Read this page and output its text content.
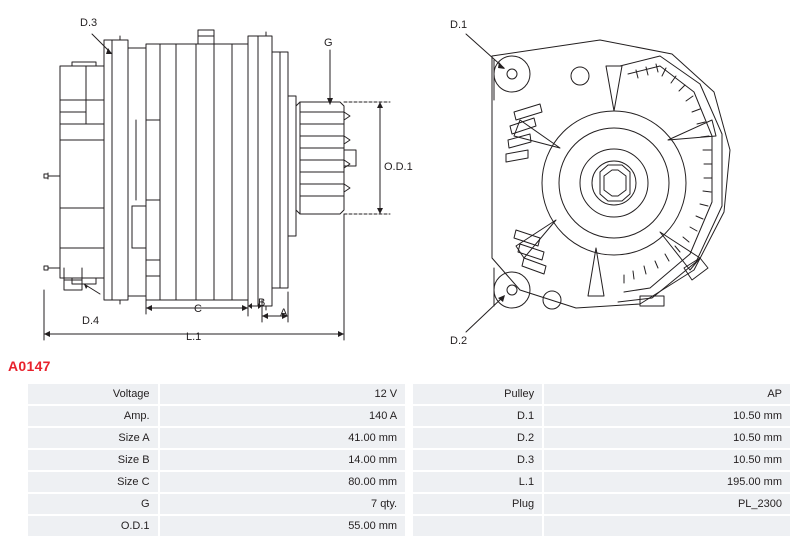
D.3
G
O.D.1
D.4
C	B
A
L.1
D.1
D.2
A0147
	Voltage	12 V		Pulley	AP
	Amp.	140 A		D.1	10.50 mm
	Size A	41.00 mm		D.2	10.50 mm
	Size B	14.00 mm		D.3	10.50 mm
	Size C	80.00 mm		L.1	195.00 mm
	G	7 qty.		Plug	PL_2300
	O.D.1	55.00 mm			
